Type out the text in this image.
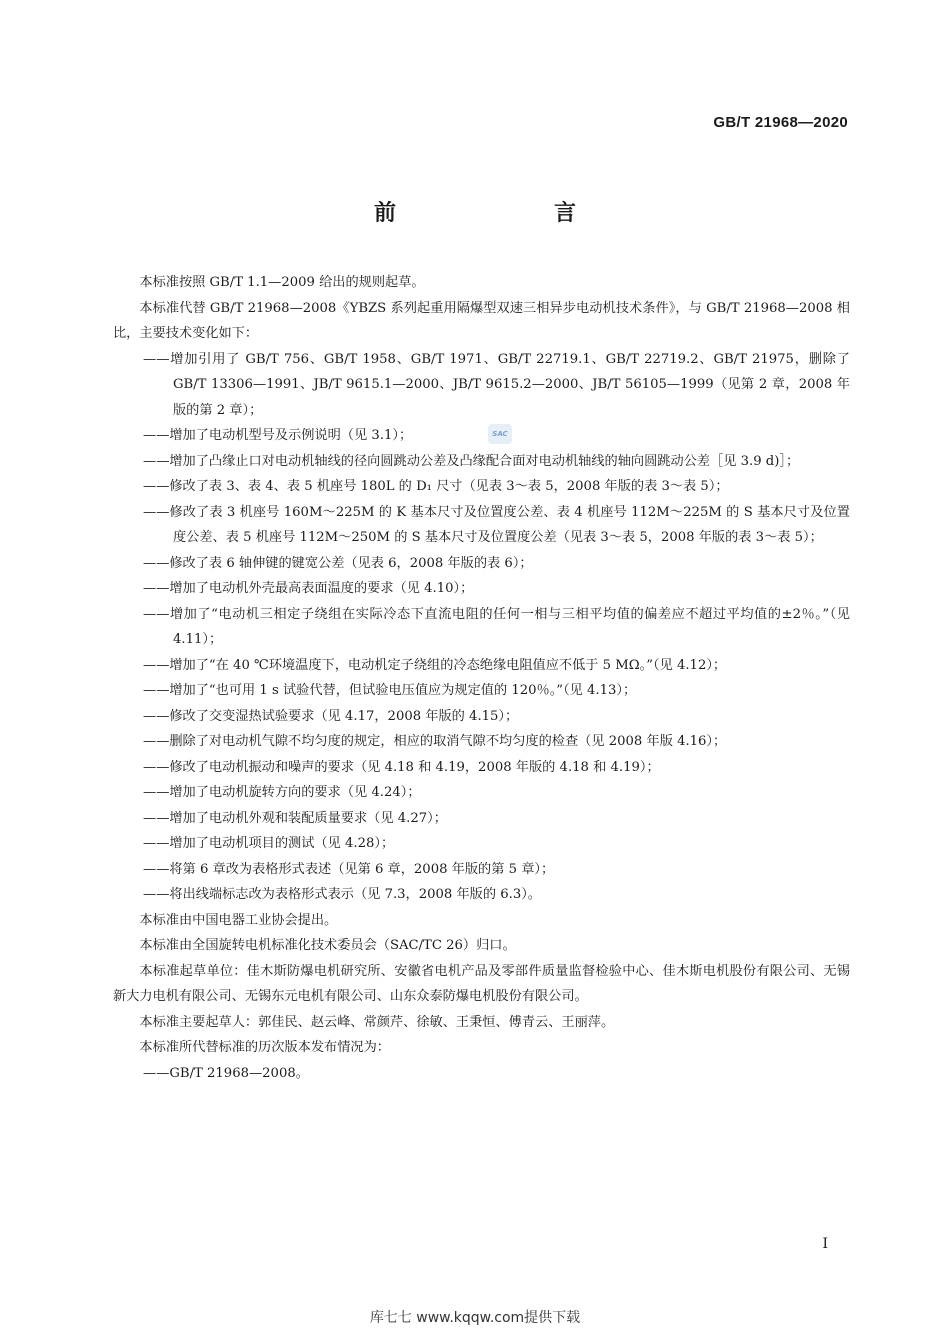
GB/T 21968—2020
前　　言
SAC
本标准按照 GB/T 1.1—2009 给出的规则起草。
本标准代替 GB/T 21968—2008《YBZS 系列起重用隔爆型双速三相异步电动机技术条件》，与 GB/T 21968—2008 相比，主要技术变化如下：
——增加引用了 GB/T 756、GB/T 1958、GB/T 1971、GB/T 22719.1、GB/T 22719.2、GB/T 21975，删除了 GB/T 13306—1991、JB/T 9615.1—2000、JB/T 9615.2—2000、JB/T 56105—1999（见第 2 章，2008 年版的第 2 章）；
——增加了电动机型号及示例说明（见 3.1）；
——增加了凸缘止口对电动机轴线的径向圆跳动公差及凸缘配合面对电动机轴线的轴向圆跳动公差［见 3.9 d)］；
——修改了表 3、表 4、表 5 机座号 180L 的 D₁ 尺寸（见表 3～表 5，2008 年版的表 3～表 5）；
——修改了表 3 机座号 160M～225M 的 K 基本尺寸及位置度公差、表 4 机座号 112M～225M 的 S 基本尺寸及位置度公差、表 5 机座号 112M～250M 的 S 基本尺寸及位置度公差（见表 3～表 5，2008 年版的表 3～表 5）；
——修改了表 6 轴伸键的键宽公差（见表 6，2008 年版的表 6）；
——增加了电动机外壳最高表面温度的要求（见 4.10）；
——增加了“电动机三相定子绕组在实际冷态下直流电阻的任何一相与三相平均值的偏差应不超过平均值的±2％。”（见 4.11）；
——增加了“在 40 ℃环境温度下，电动机定子绕组的冷态绝缘电阻值应不低于 5 MΩ。”（见 4.12）；
——增加了“也可用 1 s 试验代替，但试验电压值应为规定值的 120％。”（见 4.13）；
——修改了交变湿热试验要求（见 4.17，2008 年版的 4.15）；
——删除了对电动机气隙不均匀度的规定，相应的取消气隙不均匀度的检查（见 2008 年版 4.16）；
——修改了电动机振动和噪声的要求（见 4.18 和 4.19，2008 年版的 4.18 和 4.19）；
——增加了电动机旋转方向的要求（见 4.24）；
——增加了电动机外观和装配质量要求（见 4.27）；
——增加了电动机项目的测试（见 4.28）；
——将第 6 章改为表格形式表述（见第 6 章，2008 年版的第 5 章）；
——将出线端标志改为表格形式表示（见 7.3，2008 年版的 6.3）。
本标准由中国电器工业协会提出。
本标准由全国旋转电机标准化技术委员会（SAC/TC 26）归口。
本标准起草单位：佳木斯防爆电机研究所、安徽省电机产品及零部件质量监督检验中心、佳木斯电机股份有限公司、无锡新大力电机有限公司、无锡东元电机有限公司、山东众泰防爆电机股份有限公司。
本标准主要起草人：郭佳民、赵云峰、常颜芹、徐敏、王秉恒、傅青云、王丽萍。
本标准所代替标准的历次版本发布情况为：
——GB/T 21968—2008。
I
库七七 www.kqqw.com提供下载
